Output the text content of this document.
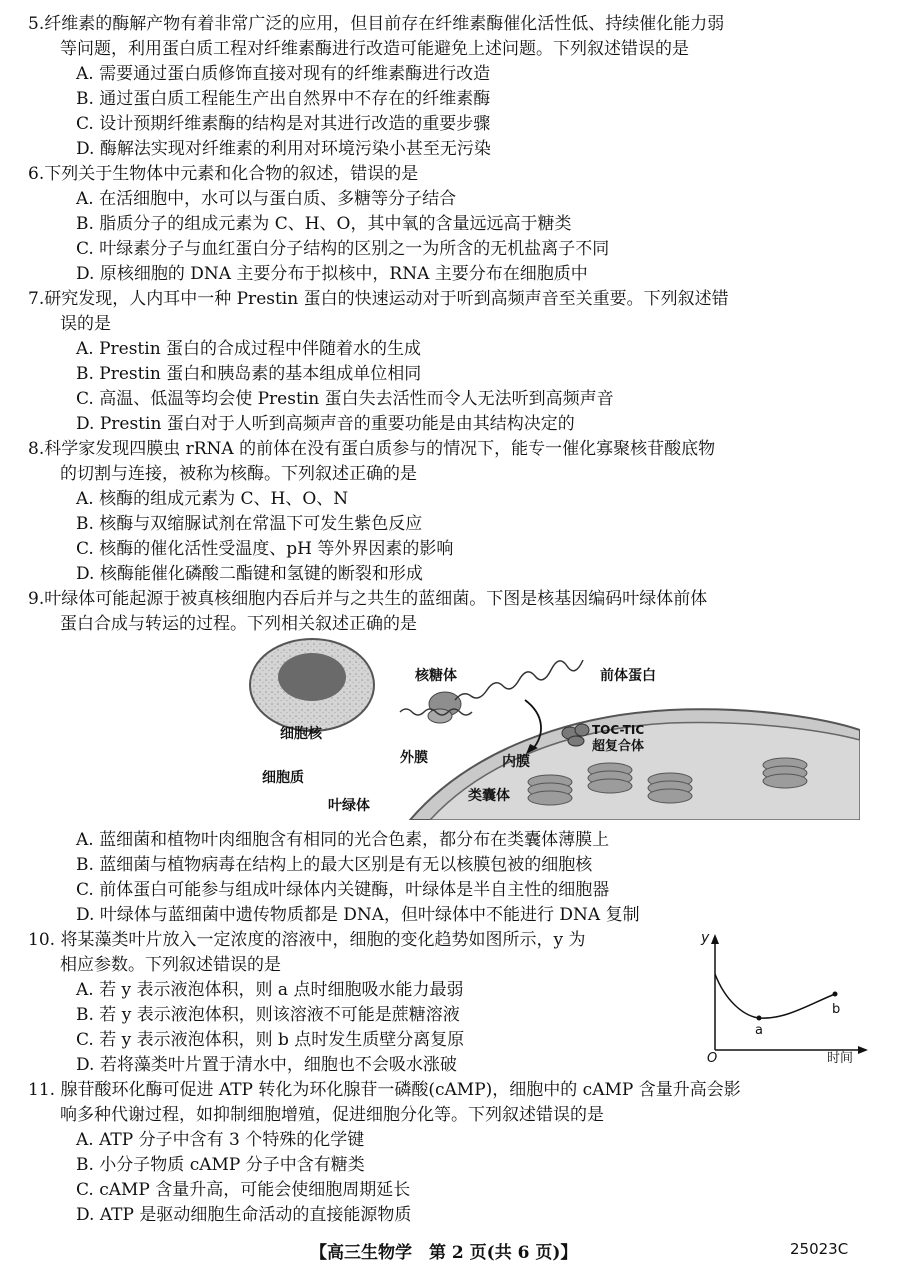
5.纤维素的酶解产物有着非常广泛的应用，但目前存在纤维素酶催化活性低、持续催化能力弱
等问题，利用蛋白质工程对纤维素酶进行改造可能避免上述问题。下列叙述错误的是
A. 需要通过蛋白质修饰直接对现有的纤维素酶进行改造
B. 通过蛋白质工程能生产出自然界中不存在的纤维素酶
C. 设计预期纤维素酶的结构是对其进行改造的重要步骤
D. 酶解法实现对纤维素的利用对环境污染小甚至无污染
6.下列关于生物体中元素和化合物的叙述，错误的是
A. 在活细胞中，水可以与蛋白质、多糖等分子结合
B. 脂质分子的组成元素为 C、H、O，其中氧的含量远远高于糖类
C. 叶绿素分子与血红蛋白分子结构的区别之一为所含的无机盐离子不同
D. 原核细胞的 DNA 主要分布于拟核中，RNA 主要分布在细胞质中
7.研究发现，人内耳中一种 Prestin 蛋白的快速运动对于听到高频声音至关重要。下列叙述错
误的是
A. Prestin 蛋白的合成过程中伴随着水的生成
B. Prestin 蛋白和胰岛素的基本组成单位相同
C. 高温、低温等均会使 Prestin 蛋白失去活性而令人无法听到高频声音
D. Prestin 蛋白对于人听到高频声音的重要功能是由其结构决定的
8.科学家发现四膜虫 rRNA 的前体在没有蛋白质参与的情况下，能专一催化寡聚核苷酸底物
的切割与连接，被称为核酶。下列叙述正确的是
A. 核酶的组成元素为 C、H、O、N
B. 核酶与双缩脲试剂在常温下可发生紫色反应
C. 核酶的催化活性受温度、pH 等外界因素的影响
D. 核酶能催化磷酸二酯键和氢键的断裂和形成
9.叶绿体可能起源于被真核细胞内吞后并与之共生的蓝细菌。下图是核基因编码叶绿体前体
蛋白合成与转运的过程。下列相关叙述正确的是
核糖体	前体蛋白
细胞核	TOC-TIC
超复合体
外膜	内膜
细胞质
类囊体
叶绿体
A. 蓝细菌和植物叶肉细胞含有相同的光合色素，都分布在类囊体薄膜上
B. 蓝细菌与植物病毒在结构上的最大区别是有无以核膜包被的细胞核
C. 前体蛋白可能参与组成叶绿体内关键酶，叶绿体是半自主性的细胞器
D. 叶绿体与蓝细菌中遗传物质都是 DNA，但叶绿体中不能进行 DNA 复制
10. 将某藻类叶片放入一定浓度的溶液中，细胞的变化趋势如图所示，y 为
相应参数。下列叙述错误的是
A. 若 y 表示液泡体积，则 a 点时细胞吸水能力最弱
B. 若 y 表示液泡体积，则该溶液不可能是蔗糖溶液
C. 若 y 表示液泡体积，则 b 点时发生质壁分离复原
D. 若将藻类叶片置于清水中，细胞也不会吸水涨破
y
O	时间
a
b
11. 腺苷酸环化酶可促进 ATP 转化为环化腺苷一磷酸(cAMP)，细胞中的 cAMP 含量升高会影
响多种代谢过程，如抑制细胞增殖，促进细胞分化等。下列叙述错误的是
A. ATP 分子中含有 3 个特殊的化学键
B. 小分子物质 cAMP 分子中含有糖类
C. cAMP 含量升高，可能会使细胞周期延长
D. ATP 是驱动细胞生命活动的直接能源物质
【高三生物学　第 2 页(共 6 页)】	25023C
